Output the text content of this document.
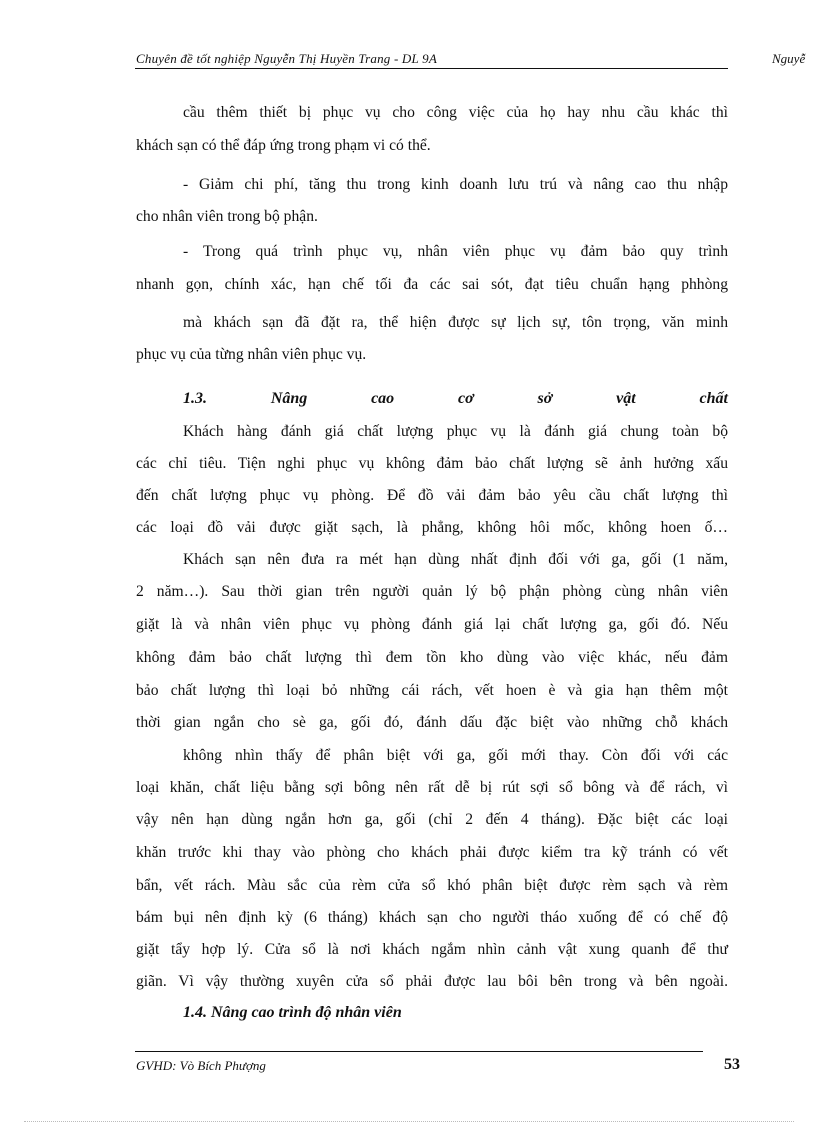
Chuyên đề tốt nghiệp Nguyễn Thị Huyền Trang - DL 9A	Nguyễ
cầu thêm thiết bị phục vụ cho công việc của họ hay nhu cầu khác thì
khách sạn có thể đáp ứng trong phạm vi có thể.
- Giảm chi phí, tăng thu trong kinh doanh lưu trú và nâng cao thu nhập
cho nhân viên trong bộ phận.
- Trong quá trình phục vụ, nhân viên phục vụ đảm bảo quy trình
nhanh gọn, chính xác, hạn chế tối đa các sai sót, đạt tiêu chuẩn hạng phhòng
mà khách sạn đã đặt ra, thể hiện được sự lịch sự, tôn trọng, văn minh
phục vụ của từng nhân viên phục vụ.
1.3.	Nâng	cao	cơ	sở	vật	chất
Khách hàng đánh giá chất lượng phục vụ là đánh giá chung toàn bộ
các chỉ tiêu. Tiện nghi phục vụ không đảm bảo chất lượng sẽ ảnh hưởng xấu
đến chất lượng phục vụ phòng. Để đồ vải đảm bảo yêu cầu chất lượng thì
các loại đồ vải được giặt sạch, là phẳng, không hôi mốc, không hoen ố…
Khách sạn nên đưa ra mét hạn dùng nhất định đối với ga, gối (1 năm,
2 năm…). Sau thời gian trên người quản lý bộ phận phòng cùng nhân viên
giặt là và nhân viên phục vụ phòng đánh giá lại chất lượng ga, gối đó. Nếu
không đảm bảo chất lượng thì đem tồn kho dùng vào việc khác, nếu đảm
bảo chất lượng thì loại bỏ những cái rách, vết hoen è và gia hạn thêm một
thời gian ngắn cho sè ga, gối đó, đánh dấu đặc biệt vào những chỗ khách
không nhìn thấy để phân biệt với ga, gối mới thay. Còn đối với các
loại khăn, chất liệu bằng sợi bông nên rất dễ bị rút sợi sổ bông và để rách, vì
vậy nên hạn dùng ngắn hơn ga, gối (chỉ 2 đến 4 tháng). Đặc biệt các loại
khăn trước khi thay vào phòng cho khách phải được kiểm tra kỹ tránh có vết
bẩn, vết rách. Màu sắc của rèm cửa sổ khó phân biệt được rèm sạch và rèm
bám bụi nên định kỳ (6 tháng) khách sạn cho người tháo xuống để có chế độ
giặt tẩy hợp lý. Cửa sổ là nơi khách ngắm nhìn cảnh vật xung quanh để thư
giãn. Vì vậy thường xuyên cửa sổ phải được lau bôi bên trong và bên ngoài.
1.4. Nâng cao trình độ nhân viên
GVHD: Vò Bích Phượng	53
